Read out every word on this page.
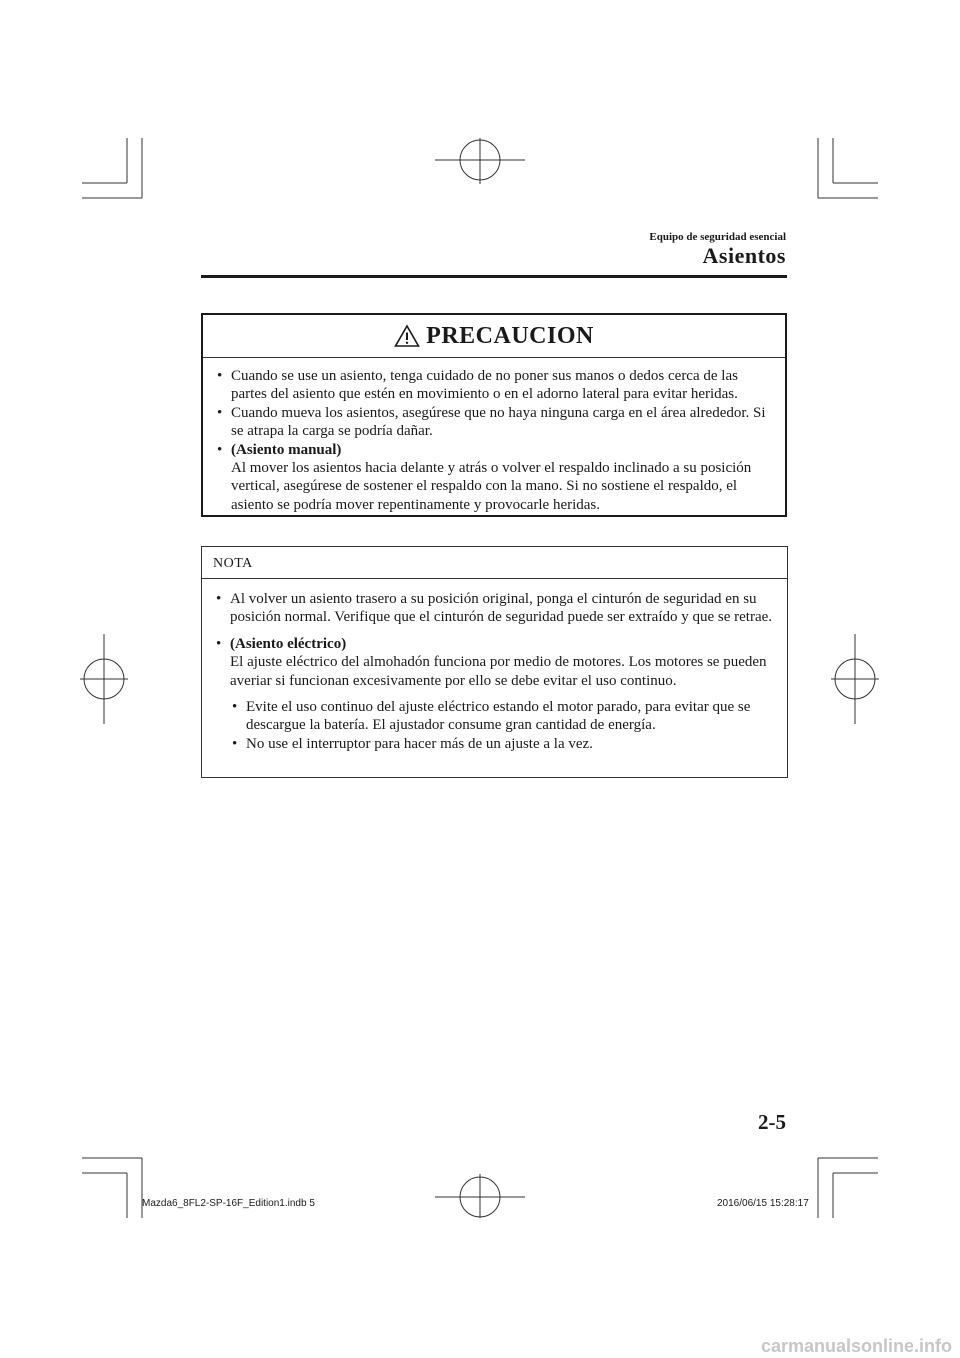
Equipo de seguridad esencial
Asientos
PRECAUCION
• Cuando se use un asiento, tenga cuidado de no poner sus manos o dedos cerca de las partes del asiento que estén en movimiento o en el adorno lateral para evitar heridas.
• Cuando mueva los asientos, asegúrese que no haya ninguna carga en el área alrededor. Si se atrapa la carga se podría dañar.
• (Asiento manual)
Al mover los asientos hacia delante y atrás o volver el respaldo inclinado a su posición vertical, asegúrese de sostener el respaldo con la mano. Si no sostiene el respaldo, el asiento se podría mover repentinamente y provocarle heridas.
NOTA
• Al volver un asiento trasero a su posición original, ponga el cinturón de seguridad en su posición normal. Verifique que el cinturón de seguridad puede ser extraído y que se retrae.
• (Asiento eléctrico)
El ajuste eléctrico del almohadón funciona por medio de motores. Los motores se pueden averiar si funcionan excesivamente por ello se debe evitar el uso continuo.
• Evite el uso continuo del ajuste eléctrico estando el motor parado, para evitar que se descargue la batería. El ajustador consume gran cantidad de energía.
• No use el interruptor para hacer más de un ajuste a la vez.
2-5
Mazda6_8FL2-SP-16F_Edition1.indb 5	2016/06/15 15:28:17
carmanualsonline.info
